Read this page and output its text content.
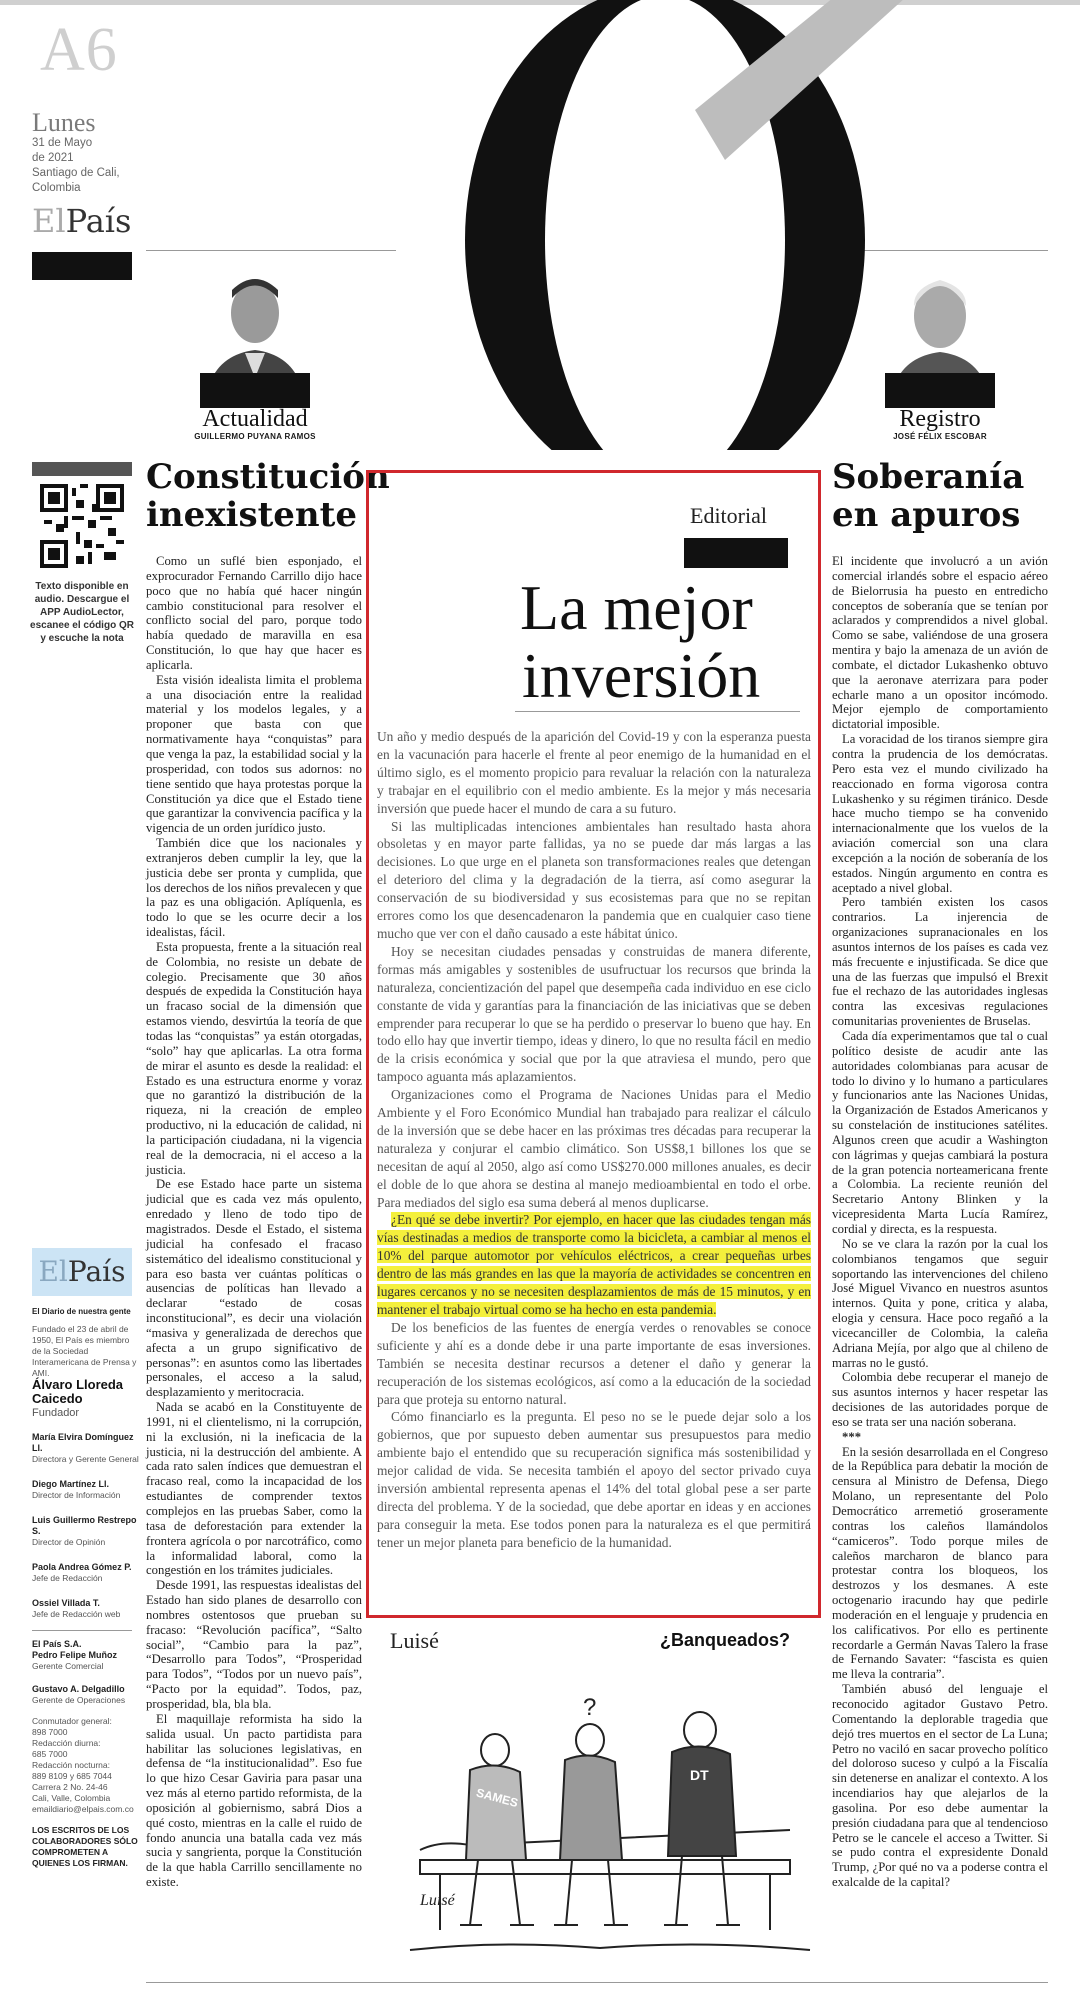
A6
Lunes
31 de Mayo
de 2021
Santiago de Cali,
Colombia
ElPaís
Actualidad
GUILLERMO PUYANA RAMOS
Registro
JOSÉ FÉLIX ESCOBAR
Texto disponible en audio. Descargue el APP AudioLector, escanee el código QR y escuche la nota
Constitución
inexistente

Como un suflé bien esponjado, el exprocurador Fernando Carrillo dijo hace poco que no había qué hacer ningún cambio constitucional para resolver el conflicto social del paro, porque todo había quedado de maravilla en esa Constitución, lo que hay que hacer es aplicarla.

Esta visión idealista limita el problema a una disociación entre la realidad material y los modelos legales, y a proponer que basta con que normativamente haya “conquistas” para que venga la paz, la estabilidad social y la prosperidad, con todos sus adornos: no tiene sentido que haya protestas porque la Constitución ya dice que el Estado tiene que garantizar la convivencia pacífica y la vigencia de un orden jurídico justo.

También dice que los nacionales y extranjeros deben cumplir la ley, que la justicia debe ser pronta y cumplida, que los derechos de los niños prevalecen y que la paz es una obligación. Aplíquenla, es todo lo que se les ocurre decir a los idealistas, fácil.

Esta propuesta, frente a la situación real de Colombia, no resiste un debate de colegio. Precisamente que 30 años después de expedida la Constitución haya un fracaso social de la dimensión que estamos viendo, desvirtúa la teoría de que todas las “conquistas” ya están otorgadas, “solo” hay que aplicarlas. La otra forma de mirar el asunto es desde la realidad: el Estado es una estructura enorme y voraz que no garantizó la distribución de la riqueza, ni la creación de empleo productivo, ni la educación de calidad, ni la participación ciudadana, ni la vigencia real de la democracia, ni el acceso a la justicia.

De ese Estado hace parte un sistema judicial que es cada vez más opulento, enredado y lleno de todo tipo de magistrados. Desde el Estado, el sistema judicial ha confesado el fracaso sistemático del idealismo constitucional y para eso basta ver cuántas políticas o ausencias de políticas han llevado a declarar “estado de cosas inconstitucional”, es decir una violación “masiva y generalizada de derechos que afecta a un grupo significativo de personas”: en asuntos como las libertades personales, el acceso a la salud, desplazamiento y meritocracia.

Nada se acabó en la Constituyente de 1991, ni el clientelismo, ni la corrupción, ni la exclusión, ni la ineficacia de la justicia, ni la destrucción del ambiente. A cada rato salen índices que demuestran el fracaso real, como la incapacidad de los estudiantes de comprender textos complejos en las pruebas Saber, como la tasa de deforestación para extender la frontera agrícola o por narcotráfico, como la informalidad laboral, como la congestión en los trámites judiciales.

Desde 1991, las respuestas idealistas del Estado han sido planes de desarrollo con nombres ostentosos que prueban su fracaso: “Revolución pacífica”, “Salto social”, “Cambio para la paz”, “Desarrollo para Todos”, “Prosperidad para Todos”, “Todos por un nuevo país”, “Pacto por la equidad”. Todos, paz, prosperidad, bla, bla bla.

El maquillaje reformista ha sido la salida usual. Un pacto partidista para habilitar las soluciones legislativas, en defensa de “la institucionalidad”. Eso fue lo que hizo Cesar Gaviria para pasar una vez más al eterno partido reformista, de la oposición al gobiernismo, sabrá Dios a qué costo, mientras en la calle el ruido de fondo anuncia una batalla cada vez más sucia y sangrienta, porque la Constitución de la que habla Carrillo sencillamente no existe.

ElPaís
El Diario de nuestra gente
Fundado el 23 de abril de 1950, El País es miembro de la Sociedad Interamericana de Prensa y AMI.
Álvaro Lloreda Caicedo
Fundador
María Elvira Domínguez Ll.
Directora y Gerente General
Diego Martínez Ll.
Director de Información
Luis Guillermo Restrepo S.
Director de Opinión
Paola Andrea Gómez P.
Jefe de Redacción
Ossiel Villada T.
Jefe de Redacción web
El País S.A.
Pedro Felipe Muñoz
Gerente Comercial
Gustavo A. Delgadillo
Gerente de Operaciones
Conmutador general:
898 7000
Redacción diurna:
685 7000
Redacción nocturna:
889 8109 y 685 7044
Carrera 2 No. 24-46
Cali, Valle, Colombia
emaildiario@elpais.com.co
LOS ESCRITOS DE LOS COLABORADORES SÓLO COMPROMETEN A QUIENES LOS FIRMAN.
Editorial
La mejor
inversión

Un año y medio después de la aparición del Covid-19 y con la esperanza puesta en la vacunación para hacerle el frente al peor enemigo de la humanidad en el último siglo, es el momento propicio para revaluar la relación con la naturaleza y trabajar en el equilibrio con el medio ambiente. Es la mejor y más necesaria inversión que puede hacer el mundo de cara a su futuro.

Si las multiplicadas intenciones ambientales han resultado hasta ahora obsoletas y en mayor parte fallidas, ya no se puede dar más largas a las decisiones. Lo que urge en el planeta son transformaciones reales que detengan el deterioro del clima y la degradación de la tierra, así como asegurar la conservación de su biodiversidad y sus ecosistemas para que no se repitan errores como los que desencadenaron la pandemia que en cualquier caso tiene mucho que ver con el daño causado a este hábitat único.

Hoy se necesitan ciudades pensadas y construidas de manera diferente, formas más amigables y sostenibles de usufructuar los recursos que brinda la naturaleza, concientización del papel que desempeña cada individuo en ese ciclo constante de vida y garantías para la financiación de las iniciativas que se deben emprender para recuperar lo que se ha perdido o preservar lo bueno que hay. En todo ello hay que invertir tiempo, ideas y dinero, lo que no resulta fácil en medio de la crisis económica y social que por la que atraviesa el mundo, pero que tampoco aguanta más aplazamientos.

Organizaciones como el Programa de Naciones Unidas para el Medio Ambiente y el Foro Económico Mundial han trabajado para realizar el cálculo de la inversión que se debe hacer en las próximas tres décadas para recuperar la naturaleza y conjurar el cambio climático. Son US$8,1 billones los que se necesitan de aquí al 2050, algo así como US$270.000 millones anuales, es decir el doble de lo que ahora se destina al manejo medioambiental en todo el orbe. Para mediados del siglo esa suma deberá al menos duplicarse.

¿En qué se debe invertir? Por ejemplo, en hacer que las ciudades tengan más vías destinadas a medios de transporte como la bicicleta, a cambiar al menos el 10% del parque automotor por vehículos eléctricos, a crear pequeñas urbes dentro de las más grandes en las que la mayoría de actividades se concentren en lugares cercanos y no se necesiten desplazamientos de más de 15 minutos, y en mantener el trabajo virtual como se ha hecho en esta pandemia.

De los beneficios de las fuentes de energía verdes o renovables se conoce suficiente y ahí es a donde debe ir una parte importante de esas inversiones. También se necesita destinar recursos a detener el daño y generar la recuperación de los sistemas ecológicos, así como a la educación de la sociedad para que proteja su entorno natural.

Cómo financiarlo es la pregunta. El peso no se le puede dejar solo a los gobiernos, que por supuesto deben aumentar sus presupuestos para medio ambiente bajo el entendido que su recuperación significa más sostenibilidad y mejor calidad de vida. Se necesita también el apoyo del sector privado cuya inversión ambiental representa apenas el 14% del total global pese a ser parte directa del problema. Y de la sociedad, que debe aportar en ideas y en acciones para conseguir la meta. Ese todos ponen para la naturaleza es el que permitirá tener un mejor planeta para beneficio de la humanidad.

Luisé	¿Banqueados?
?
SAMES
DT
Luisé
Soberanía
en apuros

El incidente que involucró a un avión comercial irlandés sobre el espacio aéreo de Bielorrusia ha puesto en entredicho conceptos de soberanía que se tenían por aclarados y comprendidos a nivel global. Como se sabe, valiéndose de una grosera mentira y bajo la amenaza de un avión de combate, el dictador Lukashenko obtuvo que la aeronave aterrizara para poder echarle mano a un opositor incómodo. Mejor ejemplo de comportamiento dictatorial imposible.

La voracidad de los tiranos siempre gira contra la prudencia de los demócratas. Pero esta vez el mundo civilizado ha reaccionado en forma vigorosa contra Lukashenko y su régimen tiránico. Desde hace mucho tiempo se ha convenido internacionalmente que los vuelos de la aviación comercial son una clara excepción a la noción de soberanía de los estados. Ningún argumento en contra es aceptado a nivel global.

Pero también existen los casos contrarios. La injerencia de organizaciones supranacionales en los asuntos internos de los países es cada vez más frecuente e injustificada. Se dice que una de las fuerzas que impulsó el Brexit fue el rechazo de las autoridades inglesas contra las excesivas regulaciones comunitarias provenientes de Bruselas.

Cada día experimentamos que tal o cual político desiste de acudir ante las autoridades colombianas para acusar de todo lo divino y lo humano a particulares y funcionarios ante las Naciones Unidas, la Organización de Estados Americanos y su constelación de instituciones satélites. Algunos creen que acudir a Washington con lágrimas y quejas cambiará la postura de la gran potencia norteamericana frente a Colombia. La reciente reunión del Secretario Antony Blinken y la vicepresidenta Marta Lucía Ramírez, cordial y directa, es la respuesta.

No se ve clara la razón por la cual los colombianos tengamos que seguir soportando las intervenciones del chileno José Miguel Vivanco en nuestros asuntos internos. Quita y pone, critica y alaba, elogia y censura. Hace poco regañó a la vicecanciller de Colombia, la caleña Adriana Mejía, por algo que al chileno de marras no le gustó.

Colombia debe recuperar el manejo de sus asuntos internos y hacer respetar las decisiones de las autoridades porque de eso se trata ser una nación soberana.

***

En la sesión desarrollada en el Congreso de la República para debatir la moción de censura al Ministro de Defensa, Diego Molano, un representante del Polo Democrático arremetió groseramente contras los caleños llamándolos “camiceros”. Todo porque miles de caleños marcharon de blanco para protestar contra los bloqueos, los destrozos y los desmanes. A este octogenario iracundo hay que pedirle moderación en el lenguaje y prudencia en los calificativos. Por ello es pertinente recordarle a Germán Navas Talero la frase de Fernando Savater: “fascista es quien me lleva la contraria”.

También abusó del lenguaje el reconocido agitador Gustavo Petro. Comentando la deplorable tragedia que dejó tres muertos en el sector de La Luna; Petro no vaciló en sacar provecho político del doloroso suceso y culpó a la Fiscalía sin detenerse en analizar el contexto. A los incendiarios hay que alejarlos de la gasolina. Por eso debe aumentar la presión ciudadana para que al tendencioso Petro se le cancele el acceso a Twitter. Si se pudo contra el expresidente Donald Trump, ¿Por qué no va a poderse contra el exalcalde de la capital?
